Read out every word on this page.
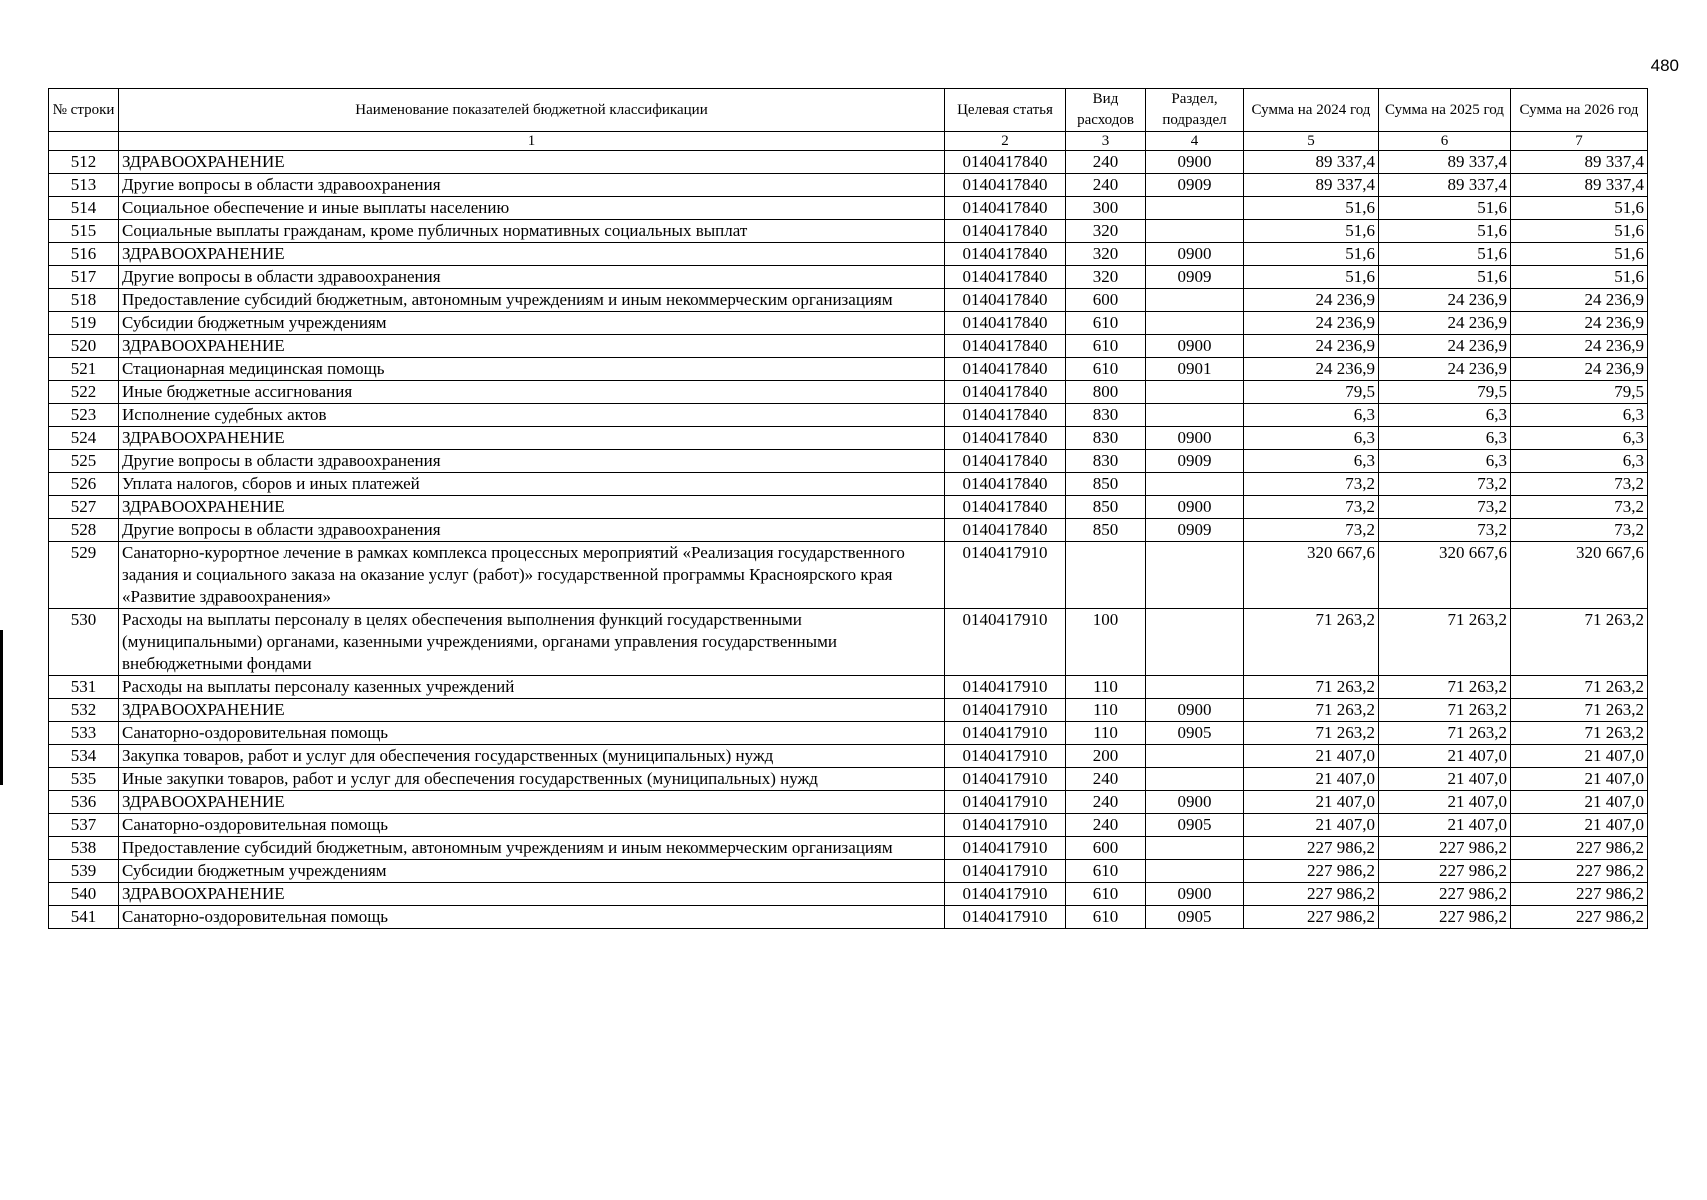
480
№ строки	Наименование показателей бюджетной классификации	Целевая статья	Вид расходов	Раздел, подраздел	Сумма на 2024 год	Сумма на 2025 год	Сумма на 2026 год
	1	2	3	4	5	6	7
512	ЗДРАВООХРАНЕНИЕ	0140417840	240	0900	89 337,4	89 337,4	89 337,4
513	Другие вопросы в области здравоохранения	0140417840	240	0909	89 337,4	89 337,4	89 337,4
514	Социальное обеспечение и иные выплаты населению	0140417840	300		51,6	51,6	51,6
515	Социальные выплаты гражданам, кроме публичных нормативных социальных выплат	0140417840	320		51,6	51,6	51,6
516	ЗДРАВООХРАНЕНИЕ	0140417840	320	0900	51,6	51,6	51,6
517	Другие вопросы в области здравоохранения	0140417840	320	0909	51,6	51,6	51,6
518	Предоставление субсидий бюджетным, автономным учреждениям и иным некоммерческим организациям	0140417840	600		24 236,9	24 236,9	24 236,9
519	Субсидии бюджетным учреждениям	0140417840	610		24 236,9	24 236,9	24 236,9
520	ЗДРАВООХРАНЕНИЕ	0140417840	610	0900	24 236,9	24 236,9	24 236,9
521	Стационарная медицинская помощь	0140417840	610	0901	24 236,9	24 236,9	24 236,9
522	Иные бюджетные ассигнования	0140417840	800		79,5	79,5	79,5
523	Исполнение судебных актов	0140417840	830		6,3	6,3	6,3
524	ЗДРАВООХРАНЕНИЕ	0140417840	830	0900	6,3	6,3	6,3
525	Другие вопросы в области здравоохранения	0140417840	830	0909	6,3	6,3	6,3
526	Уплата налогов, сборов и иных платежей	0140417840	850		73,2	73,2	73,2
527	ЗДРАВООХРАНЕНИЕ	0140417840	850	0900	73,2	73,2	73,2
528	Другие вопросы в области здравоохранения	0140417840	850	0909	73,2	73,2	73,2
529	Санаторно-курортное лечение в рамках комплекса процессных мероприятий «Реализация государственного задания и социального заказа на оказание услуг (работ)» государственной программы Красноярского края «Развитие здравоохранения»	0140417910			320 667,6	320 667,6	320 667,6
530	Расходы на выплаты персоналу в целях обеспечения выполнения функций государственными (муниципальными) органами, казенными учреждениями, органами управления государственными внебюджетными фондами	0140417910	100		71 263,2	71 263,2	71 263,2
531	Расходы на выплаты персоналу казенных учреждений	0140417910	110		71 263,2	71 263,2	71 263,2
532	ЗДРАВООХРАНЕНИЕ	0140417910	110	0900	71 263,2	71 263,2	71 263,2
533	Санаторно-оздоровительная помощь	0140417910	110	0905	71 263,2	71 263,2	71 263,2
534	Закупка товаров, работ и услуг для обеспечения государственных (муниципальных) нужд	0140417910	200		21 407,0	21 407,0	21 407,0
535	Иные закупки товаров, работ и услуг для обеспечения государственных (муниципальных) нужд	0140417910	240		21 407,0	21 407,0	21 407,0
536	ЗДРАВООХРАНЕНИЕ	0140417910	240	0900	21 407,0	21 407,0	21 407,0
537	Санаторно-оздоровительная помощь	0140417910	240	0905	21 407,0	21 407,0	21 407,0
538	Предоставление субсидий бюджетным, автономным учреждениям и иным некоммерческим организациям	0140417910	600		227 986,2	227 986,2	227 986,2
539	Субсидии бюджетным учреждениям	0140417910	610		227 986,2	227 986,2	227 986,2
540	ЗДРАВООХРАНЕНИЕ	0140417910	610	0900	227 986,2	227 986,2	227 986,2
541	Санаторно-оздоровительная помощь	0140417910	610	0905	227 986,2	227 986,2	227 986,2
